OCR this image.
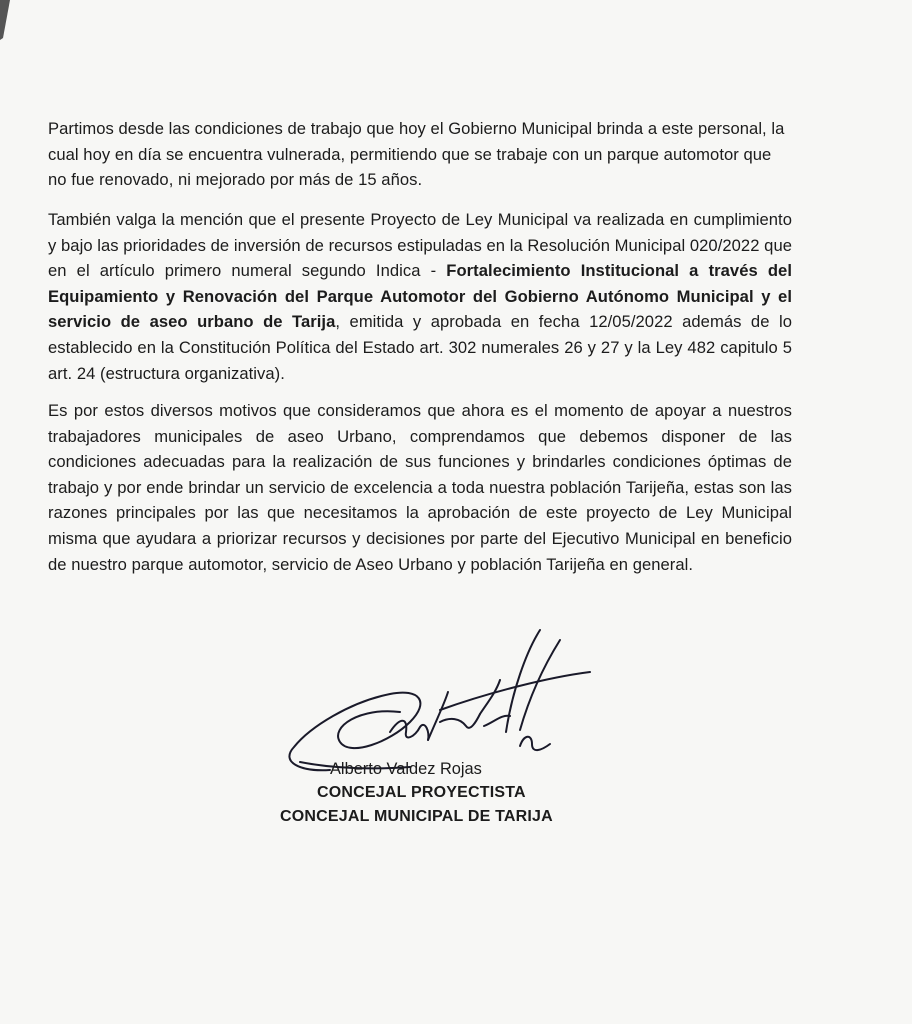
Partimos desde las condiciones de trabajo que hoy el Gobierno Municipal brinda a este personal, la cual hoy en día se encuentra vulnerada, permitiendo que se trabaje con un parque automotor que no fue renovado, ni mejorado por más de 15 años.

También valga la mención que el presente Proyecto de Ley Municipal va realizada en cumplimiento y bajo las prioridades de inversión de recursos estipuladas en la Resolución Municipal 020/2022 que en el artículo primero numeral segundo Indica - Fortalecimiento Institucional a través del Equipamiento y Renovación del Parque Automotor del Gobierno Autónomo Municipal y el servicio de aseo urbano de Tarija, emitida y aprobada en fecha 12/05/2022 además de lo establecido en la Constitución Política del Estado art. 302 numerales 26 y 27 y la Ley 482 capitulo 5 art. 24 (estructura organizativa).

Es por estos diversos motivos que consideramos que ahora es el momento de apoyar a nuestros trabajadores municipales de aseo Urbano, comprendamos que debemos disponer de las condiciones adecuadas para la realización de sus funciones y brindarles condiciones óptimas de trabajo y por ende brindar un servicio de excelencia a toda nuestra población Tarijeña, estas son las razones principales por las que necesitamos la aprobación de este proyecto de Ley Municipal misma que ayudara a priorizar recursos y decisiones por parte del Ejecutivo Municipal en beneficio de nuestro parque automotor, servicio de Aseo Urbano y población Tarijeña en general.

Alberto Valdez Rojas
CONCEJAL PROYECTISTA
CONCEJAL MUNICIPAL DE TARIJA
